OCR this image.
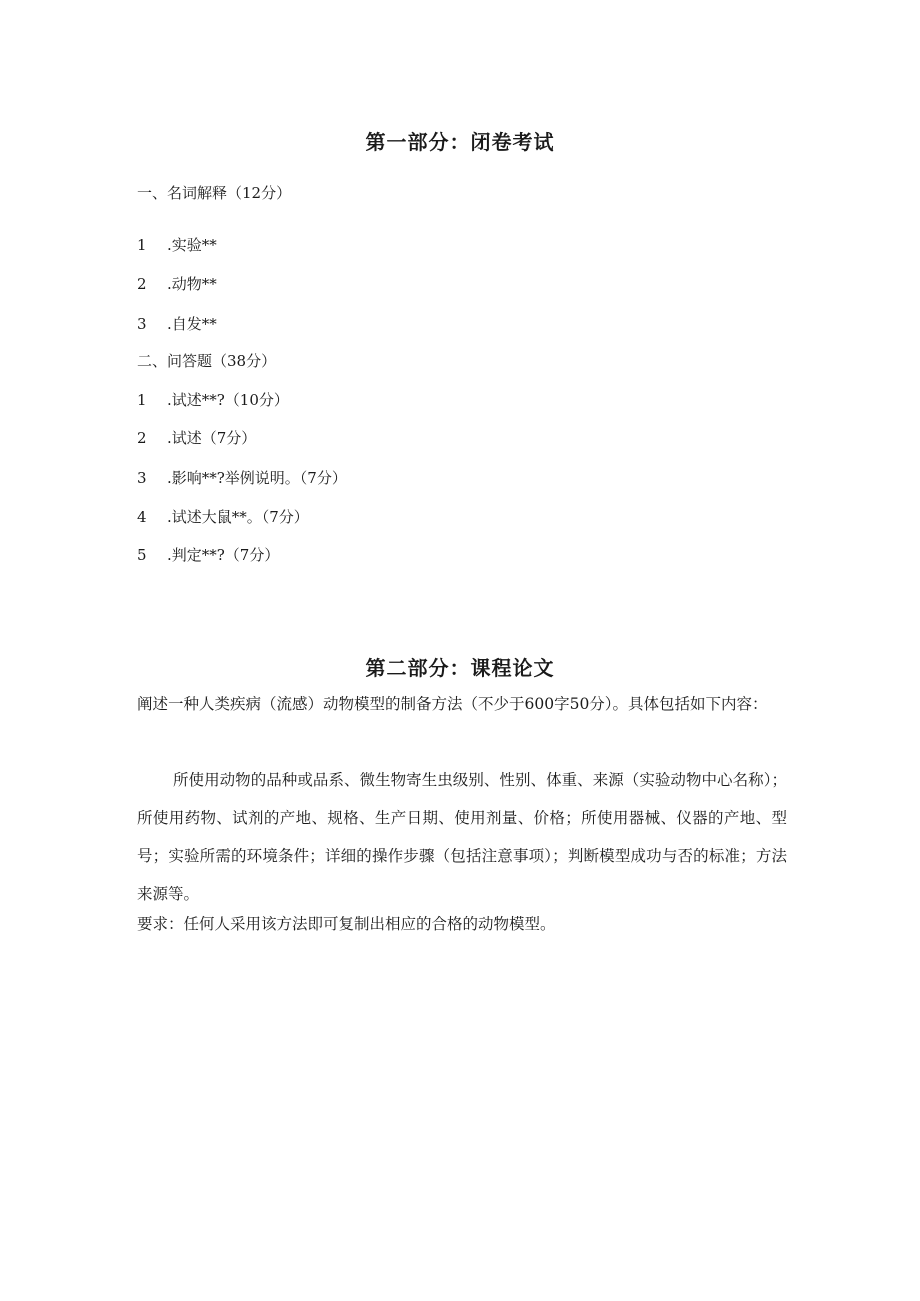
第一部分：闭卷考试
一、名词解释（12分）
1 .实验**
2 .动物**
3 .自发**
二、问答题（38分）
1 .试述**?（10分）
2 .试述（7分）
3 .影响**?举例说明。（7分）
4 .试述大鼠**。（7分）
5 .判定**?（7分）
第二部分：课程论文
阐述一种人类疾病（流感）动物模型的制备方法（不少于600字50分）。具体包括如下内容：
所使用动物的品种或品系、微生物寄生虫级别、性别、体重、来源（实验动物中心名称）；所使用药物、试剂的产地、规格、生产日期、使用剂量、价格；所使用器械、仪器的产地、型号；实验所需的环境条件；详细的操作步骤（包括注意事项）；判断模型成功与否的标准；方法来源等。
要求：任何人采用该方法即可复制出相应的合格的动物模型。
